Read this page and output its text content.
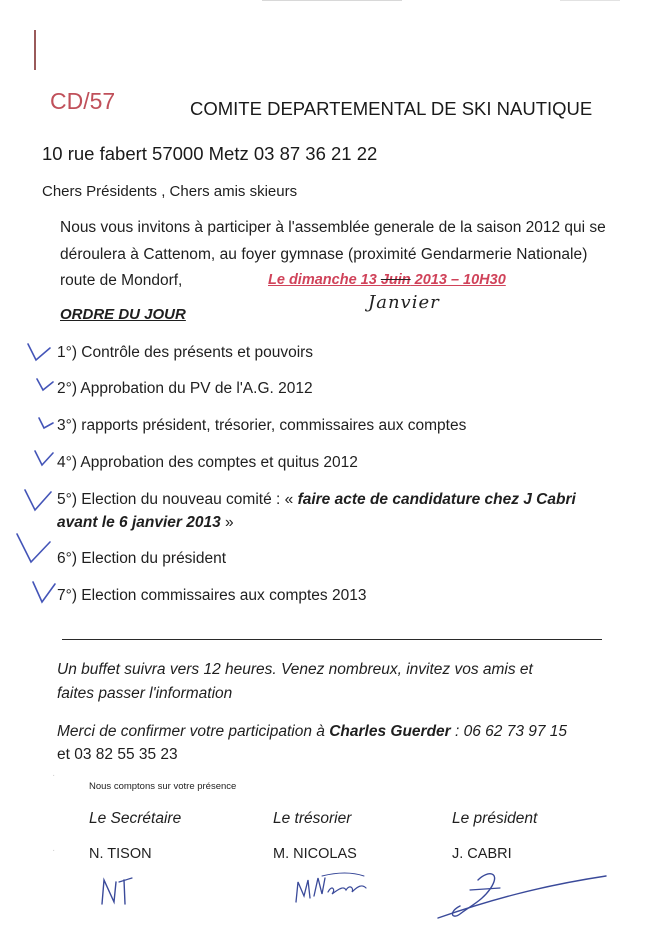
CD/57	COMITE DEPARTEMENTAL DE SKI NAUTIQUE
10 rue fabert 57000 Metz 03 87 36 21 22
Chers Présidents , Chers amis skieurs
Nous vous invitons à participer à l'assemblée generale de la saison 2012 qui se
déroulera à Cattenom, au foyer gymnase (proximité Gendarmerie Nationale)
route de Mondorf,	Le dimanche 13 Juin 2013 – 10H30
Janvier
ORDRE DU JOUR
1°) Contrôle des présents et pouvoirs
2°) Approbation du PV de l'A.G. 2012
3°) rapports président, trésorier, commissaires aux comptes
4°) Approbation des comptes et quitus 2012
5°) Election du nouveau comité : « faire acte de candidature chez J Cabri
avant le 6 janvier 2013 »
6°) Election du président
7°) Election commissaires aux comptes 2013
Un buffet suivra vers 12 heures. Venez nombreux, invitez vos amis et
faites passer l'information
Merci de confirmer votre participation à Charles Guerder : 06 62 73 97 15
et 03 82 55 35 23
Nous comptons sur votre présence
Le Secrétaire	Le trésorier	Le président
N. TISON	M. NICOLAS	J. CABRI
·
·
